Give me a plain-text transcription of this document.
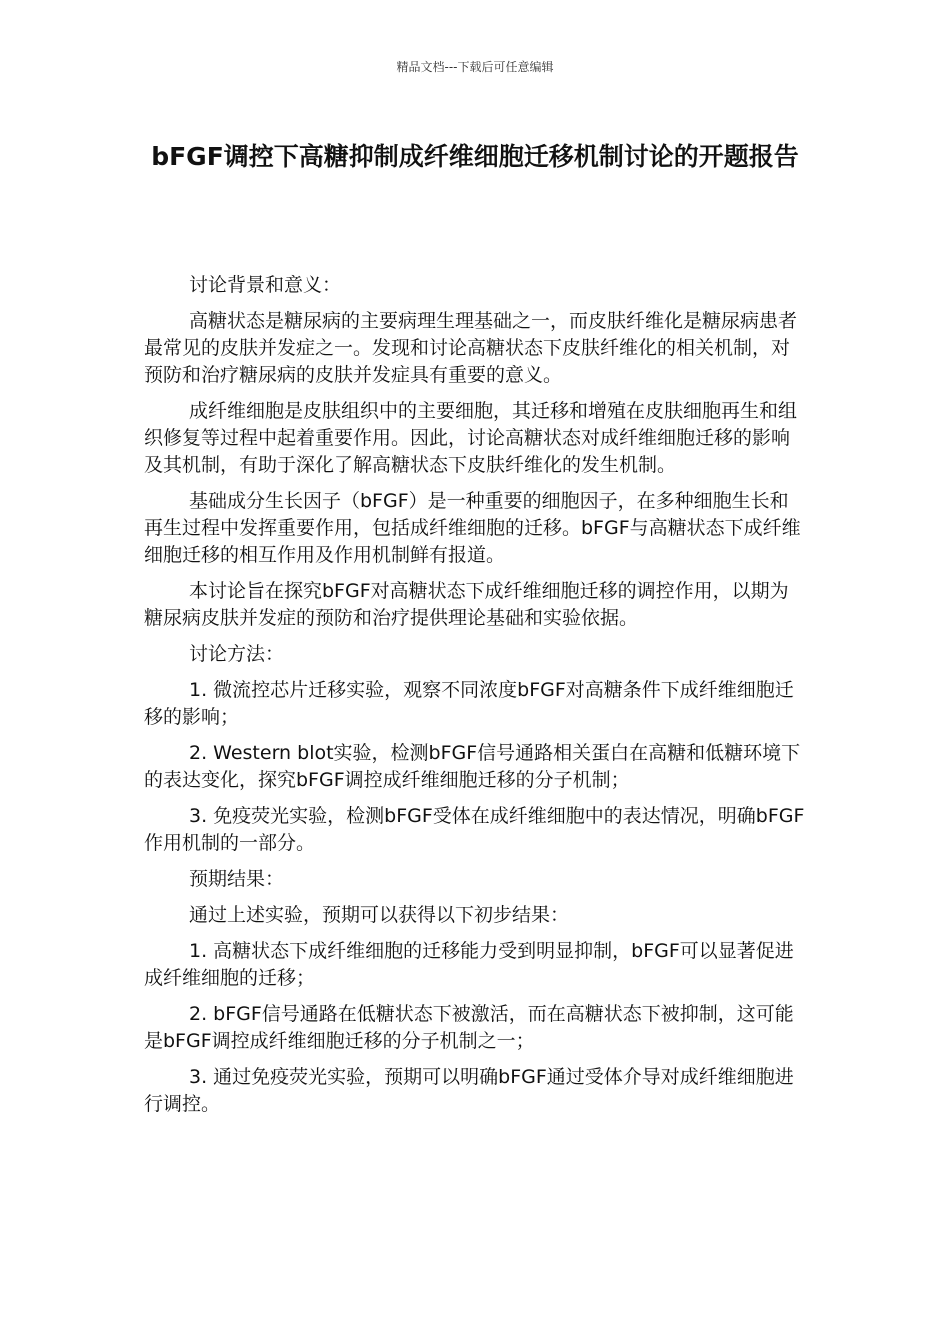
精品文档---下载后可任意编辑
bFGF调控下高糖抑制成纤维细胞迁移机制讨论的开题报告

讨论背景和意义：

高糖状态是糖尿病的主要病理生理基础之一，而皮肤纤维化是糖尿病患者最常见的皮肤并发症之一。发现和讨论高糖状态下皮肤纤维化的相关机制，对预防和治疗糖尿病的皮肤并发症具有重要的意义。

成纤维细胞是皮肤组织中的主要细胞，其迁移和增殖在皮肤细胞再生和组织修复等过程中起着重要作用。因此，讨论高糖状态对成纤维细胞迁移的影响及其机制，有助于深化了解高糖状态下皮肤纤维化的发生机制。

基础成分生长因子（bFGF）是一种重要的细胞因子，在多种细胞生长和再生过程中发挥重要作用，包括成纤维细胞的迁移。bFGF与高糖状态下成纤维细胞迁移的相互作用及作用机制鲜有报道。

本讨论旨在探究bFGF对高糖状态下成纤维细胞迁移的调控作用，以期为糖尿病皮肤并发症的预防和治疗提供理论基础和实验依据。

讨论方法：

1. 微流控芯片迁移实验，观察不同浓度bFGF对高糖条件下成纤维细胞迁移的影响；

2. Western blot实验，检测bFGF信号通路相关蛋白在高糖和低糖环境下的表达变化，探究bFGF调控成纤维细胞迁移的分子机制；

3. 免疫荧光实验，检测bFGF受体在成纤维细胞中的表达情况，明确bFGF作用机制的一部分。

预期结果：

通过上述实验，预期可以获得以下初步结果：

1. 高糖状态下成纤维细胞的迁移能力受到明显抑制，bFGF可以显著促进成纤维细胞的迁移；

2. bFGF信号通路在低糖状态下被激活，而在高糖状态下被抑制，这可能是bFGF调控成纤维细胞迁移的分子机制之一；

3. 通过免疫荧光实验，预期可以明确bFGF通过受体介导对成纤维细胞进行调控。
